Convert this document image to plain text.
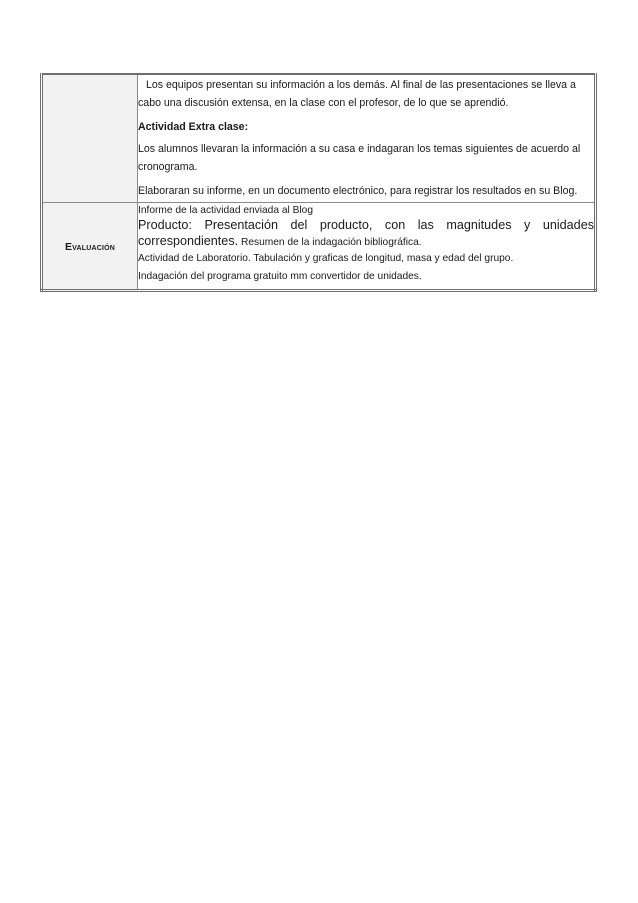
	Los equipos presentan su información a los demás. Al final de las presentaciones se lleva a cabo una discusión extensa, en la clase con el profesor, de lo que se aprendió.

Actividad Extra clase:

Los alumnos llevaran la información a su casa e indagaran los temas siguientes de acuerdo al cronograma.

Elaboraran su informe, en un documento electrónico, para registrar los resultados en su Blog.

Evaluación	Informe de la actividad enviada al Blog

Producto: Presentación del producto, con las magnitudes y unidades

correspondientes. Resumen de la indagación bibliográfica.

Actividad de Laboratorio. Tabulación y graficas de longitud, masa y edad del grupo.

Indagación del programa gratuito mm convertidor de unidades.
